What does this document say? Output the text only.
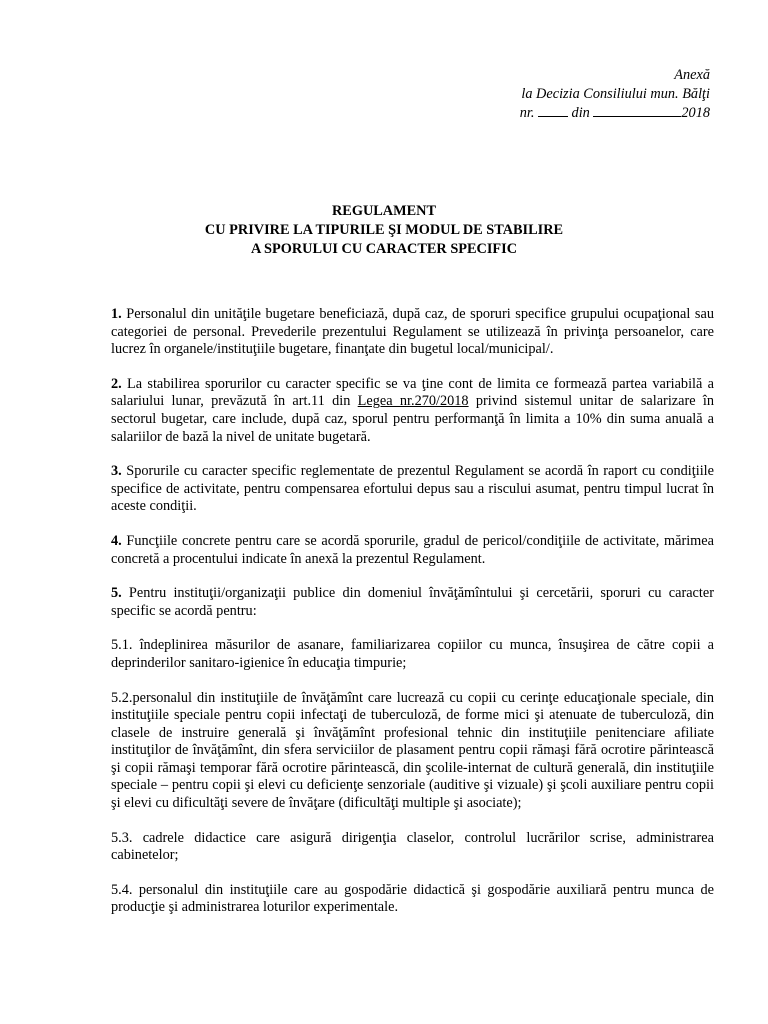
Anexă
la Decizia Consiliului mun. Bălţi
nr.  din	2018
REGULAMENT
CU PRIVIRE LA TIPURILE ŞI MODUL DE STABILIRE
A SPORULUI CU CARACTER SPECIFIC

1. Personalul din unităţile bugetare beneficiază, după caz, de sporuri specifice grupului ocupaţional sau categoriei de personal. Prevederile prezentului Regulament se utilizează în privinţa persoanelor, care lucrez în organele/instituţiile bugetare, finanţate din bugetul local/municipal/.

2. La stabilirea sporurilor cu caracter specific se va ţine cont de limita ce formează partea variabilă a salariului lunar, prevăzută în art.11 din Legea nr.270/2018 privind sistemul unitar de salarizare în sectorul bugetar, care include, după caz, sporul pentru performanţă în limita a 10% din suma anuală a salariilor de bază la nivel de unitate bugetară.

3. Sporurile cu caracter specific reglementate de prezentul Regulament se acordă în raport cu condiţiile specifice de activitate, pentru compensarea efortului depus sau a riscului asumat, pentru timpul lucrat în aceste condiţii.

4. Funcţiile concrete pentru care se acordă sporurile, gradul de pericol/condiţiile de activitate, mărimea concretă a procentului indicate în anexă la prezentul Regulament.

5. Pentru instituţii/organizaţii publice din domeniul învăţămîntului şi cercetării, sporuri cu caracter specific se acordă pentru:

5.1. îndeplinirea măsurilor de asanare, familiarizarea copiilor cu munca, însuşirea de către copii a deprinderilor sanitaro-igienice în educaţia timpurie;

5.2.personalul din instituţiile de învăţămînt care lucrează cu copii cu cerinţe educaţionale speciale, din instituţiile speciale pentru copii infectaţi de tuberculoză, de forme mici şi atenuate de tuberculoză, din clasele de instruire generală şi învăţămînt profesional tehnic din instituţiile penitenciare afiliate instituţilor de învăţămînt, din sfera serviciilor de plasament pentru copii rămaşi fără ocrotire părintească şi copii rămaşi temporar fără ocrotire părintească, din şcolile-internat de cultură generală, din instituţiile speciale – pentru copii şi elevi cu deficienţe senzoriale (auditive şi vizuale) şi şcoli auxiliare pentru copii şi elevi cu dificultăţi severe de învăţare (dificultăţi multiple şi asociate);

5.3. cadrele didactice care asigură dirigenţia claselor, controlul lucrărilor scrise, administrarea cabinetelor;

5.4. personalul din instituţiile care au gospodărie didactică şi gospodărie auxiliară pentru munca de producţie şi administrarea loturilor experimentale.
